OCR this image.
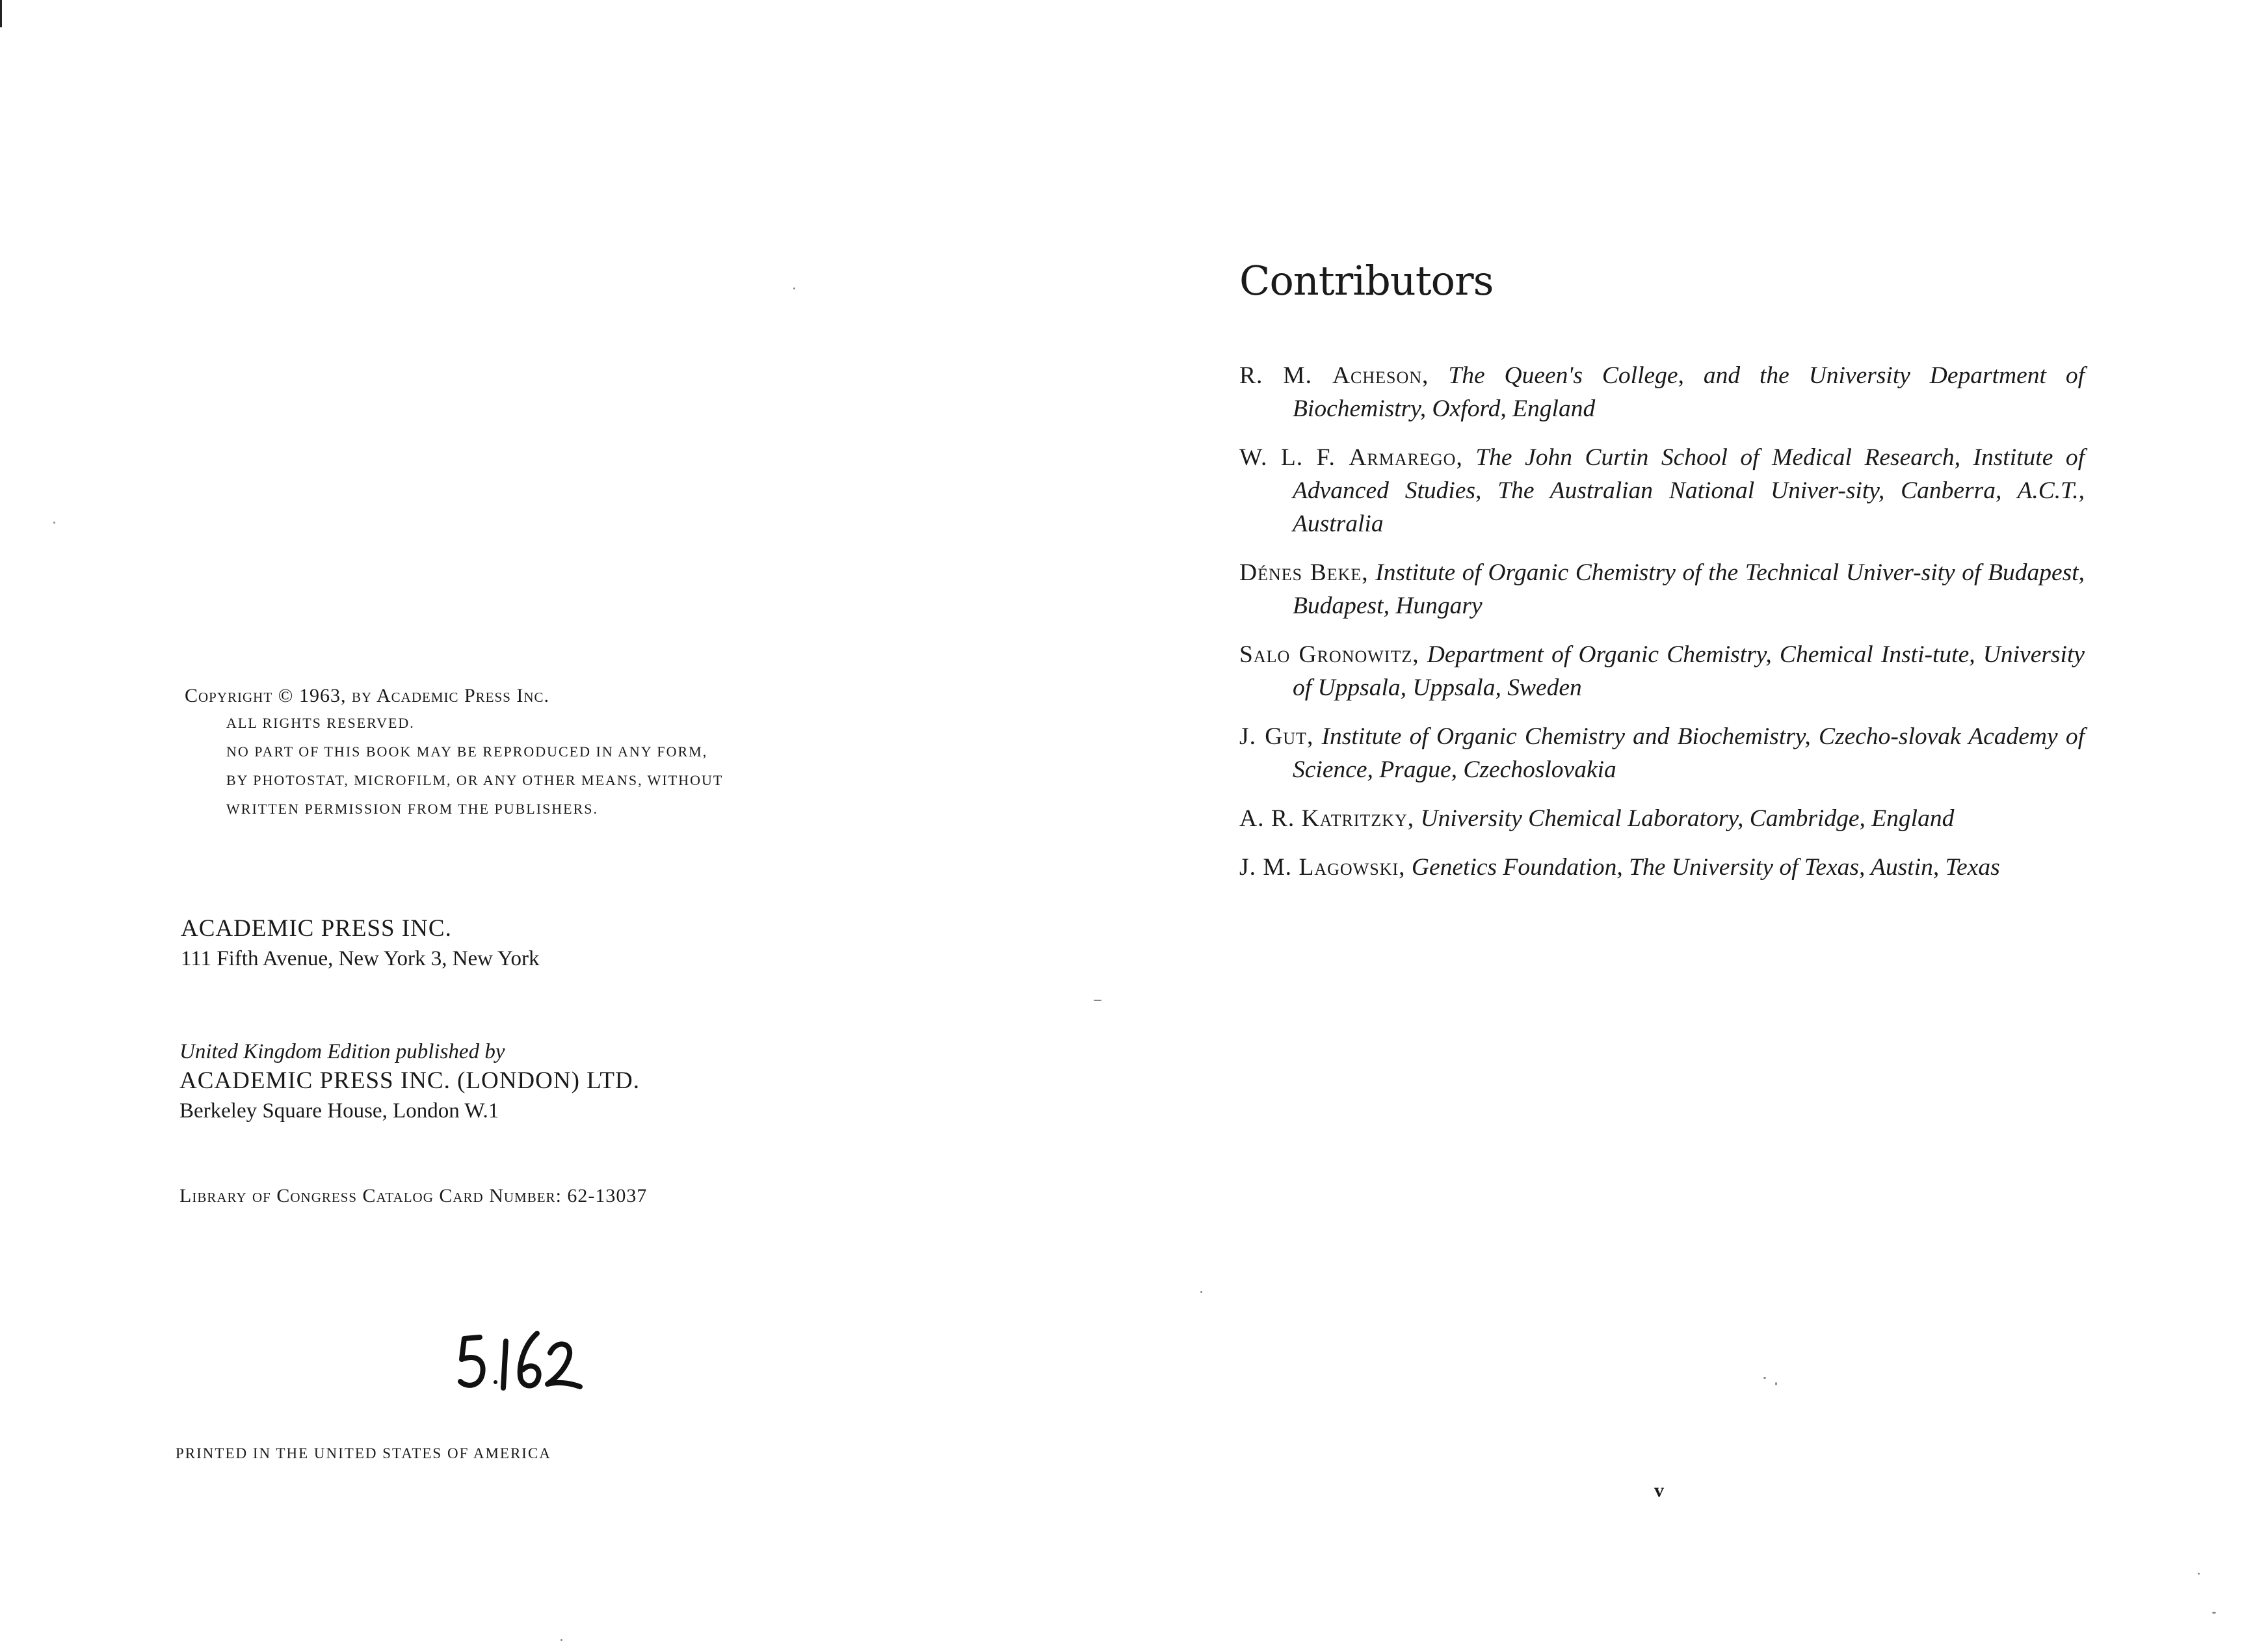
Copyright © 1963, by Academic Press Inc.
ALL RIGHTS RESERVED.
NO PART OF THIS BOOK MAY BE REPRODUCED IN ANY FORM,
BY PHOTOSTAT, MICROFILM, OR ANY OTHER MEANS, WITHOUT
WRITTEN PERMISSION FROM THE PUBLISHERS.
ACADEMIC PRESS INC.
111 Fifth Avenue, New York 3, New York
United Kingdom Edition published by
ACADEMIC PRESS INC. (LONDON) LTD.
Berkeley Square House, London W.1
Library of Congress Catalog Card Number: 62-13037
PRINTED IN THE UNITED STATES OF AMERICA
Contributors
R. M. Acheson, The Queen's College, and the University Department of Biochemistry, Oxford, England
W. L. F. Armarego, The John Curtin School of Medical Research, Institute of Advanced Studies, The Australian National Univer-sity, Canberra, A.C.T., Australia
Dénes Beke, Institute of Organic Chemistry of the Technical Univer-sity of Budapest, Budapest, Hungary
Salo Gronowitz, Department of Organic Chemistry, Chemical Insti-tute, University of Uppsala, Uppsala, Sweden
J. Gut, Institute of Organic Chemistry and Biochemistry, Czecho-slovak Academy of Science, Prague, Czechoslovakia
A. R. Katritzky, University Chemical Laboratory, Cambridge, England
J. M. Lagowski, Genetics Foundation, The University of Texas, Austin, Texas
v
